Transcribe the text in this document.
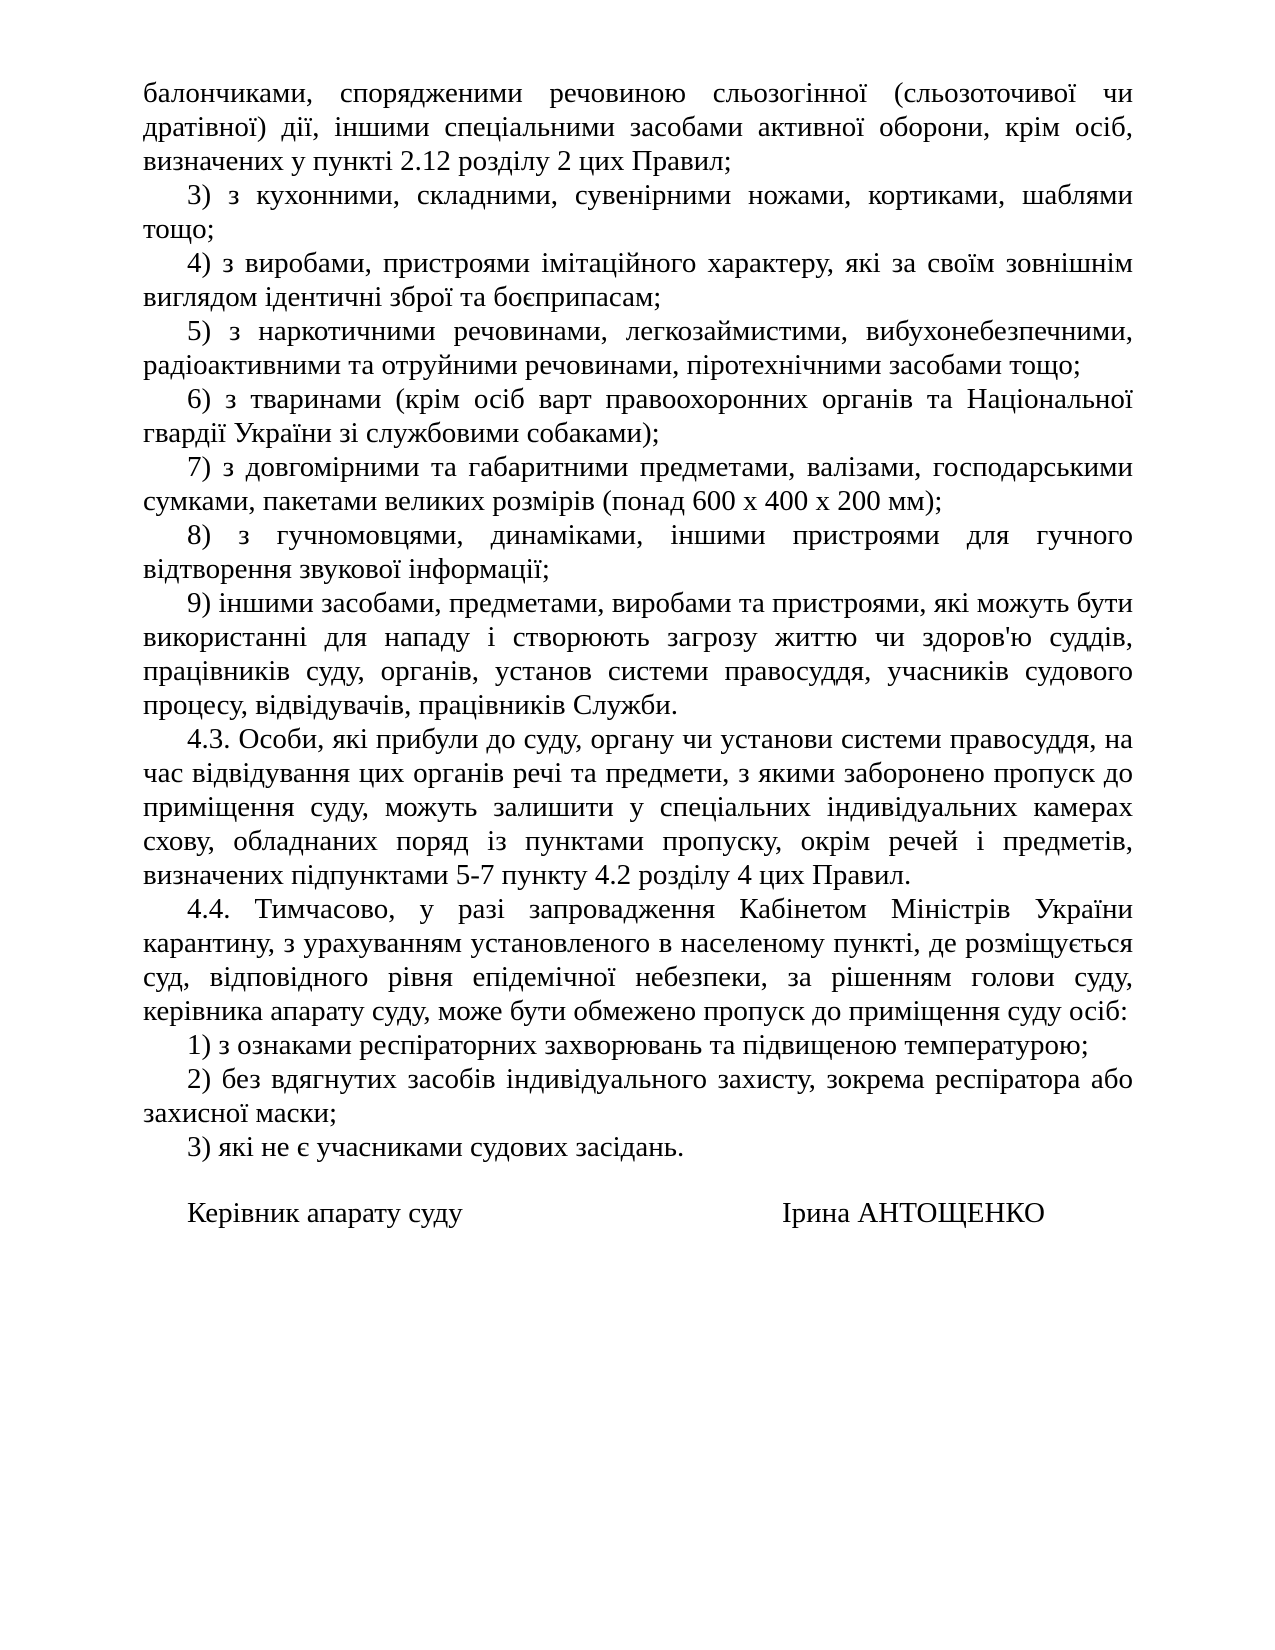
балончиками, спорядженими речовиною сльозогінної (сльозоточивої чи дратівної) дії, іншими спеціальними засобами активної оборони, крім осіб, визначених у пункті 2.12 розділу 2 цих Правил;

3) з кухонними, складними, сувенірними ножами, кортиками, шаблями тощо;

4) з виробами, пристроями імітаційного характеру, які за своїм зовнішнім виглядом ідентичні зброї та боєприпасам;

5) з наркотичними речовинами, легкозаймистими, вибухонебезпечними, радіоактивними та отруйними речовинами, піротехнічними засобами тощо;

6) з тваринами (крім осіб варт правоохоронних органів та Національної гвардії України зі службовими собаками);

7) з довгомірними та габаритними предметами, валізами, господарськими сумками, пакетами великих розмірів (понад 600 х 400 х 200 мм);

8) з гучномовцями, динаміками, іншими пристроями для гучного відтворення звукової інформації;

9) іншими засобами, предметами, виробами та пристроями, які можуть бути використанні для нападу і створюють загрозу життю чи здоров'ю суддів, працівників суду, органів, установ системи правосуддя, учасників судового процесу, відвідувачів, працівників Служби.

4.3. Особи, які прибули до суду, органу чи установи системи правосуддя, на час відвідування цих органів речі та предмети, з якими заборонено пропуск до приміщення суду, можуть залишити у спеціальних індивідуальних камерах схову, обладнаних поряд із пунктами пропуску, окрім речей і предметів, визначених підпунктами 5-7 пункту 4.2 розділу 4 цих Правил.

4.4. Тимчасово, у разі запровадження Кабінетом Міністрів України карантину, з урахуванням установленого в населеному пункті, де розміщується суд, відповідного рівня епідемічної небезпеки, за рішенням голови суду, керівника апарату суду, може бути обмежено пропуск до приміщення суду осіб:

1) з ознаками респіраторних захворювань та підвищеною температурою;

2) без вдягнутих засобів індивідуального захисту, зокрема респіратора або захисної маски;

3) які не є учасниками судових засідань.

Керівник апарату суду	Ірина АНТОЩЕНКО
